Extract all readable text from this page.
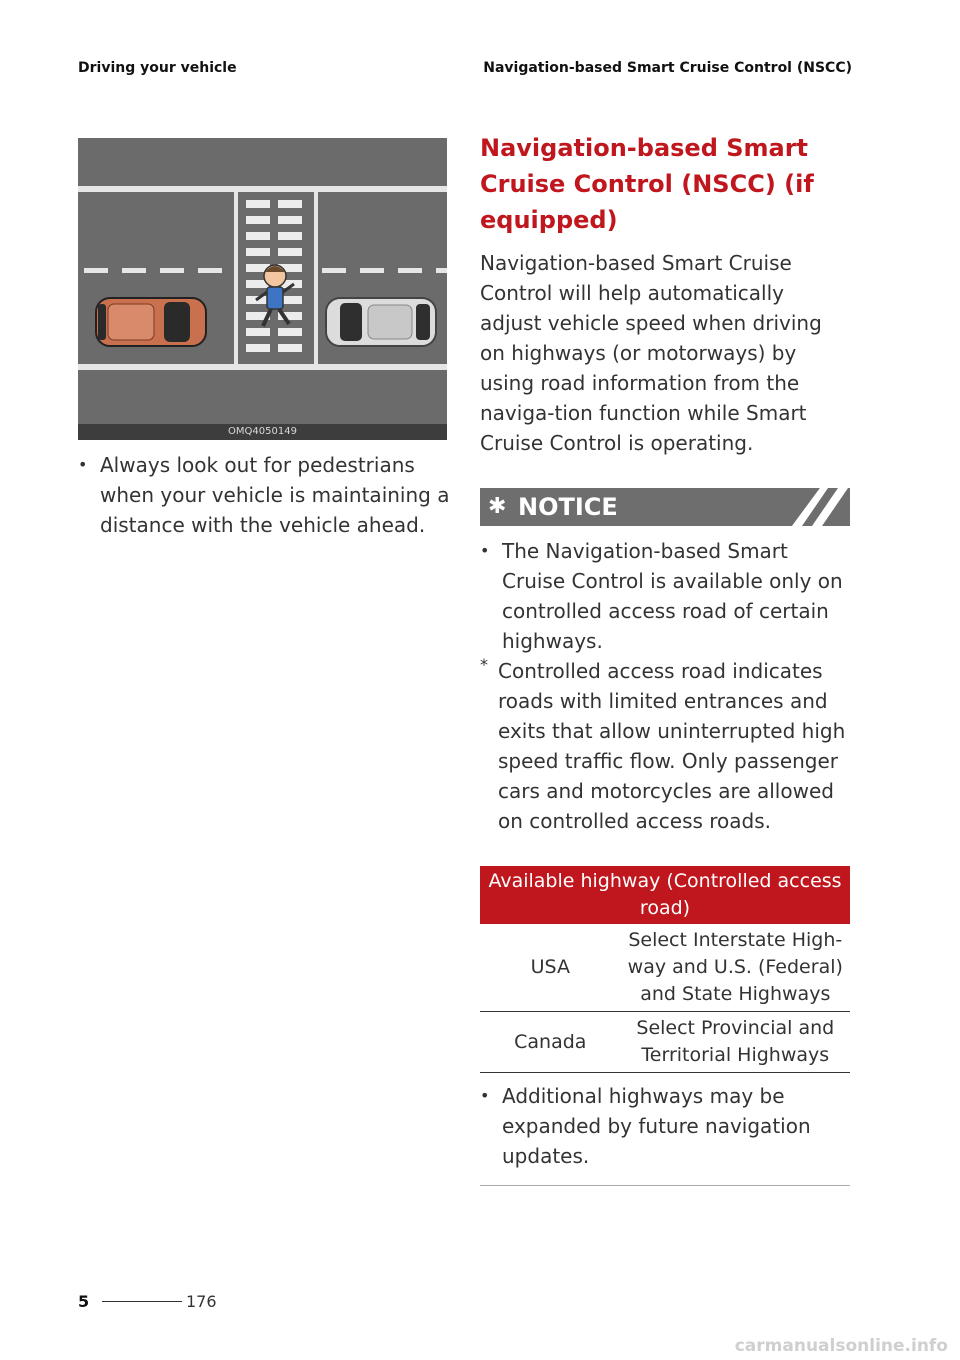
Driving your vehicle	Navigation-based Smart Cruise Control (NSCC)
OMQ4050149
• Always look out for pedestrians when your vehicle is maintaining a distance with the vehicle ahead.
Navigation-based Smart Cruise Control (NSCC) (if equipped)

Navigation-based Smart Cruise Control will help automatically adjust vehicle speed when driving on highways (or motorways) by using road information from the naviga-tion function while Smart Cruise Control is operating.

✱ NOTICE
• The Navigation-based Smart Cruise Control is available only on controlled access road of certain highways.
* Controlled access road indicates roads with limited entrances and exits that allow uninterrupted high speed traffic flow. Only passenger cars and motorcycles are allowed on controlled access roads.
Available highway (Controlled access road)	
USA	Select Interstate High-way and U.S. (Federal) and State Highways
Canada	Select Provincial and Territorial Highways
• Additional highways may be expanded by future navigation updates.
5	176
carmanualsonline.info
